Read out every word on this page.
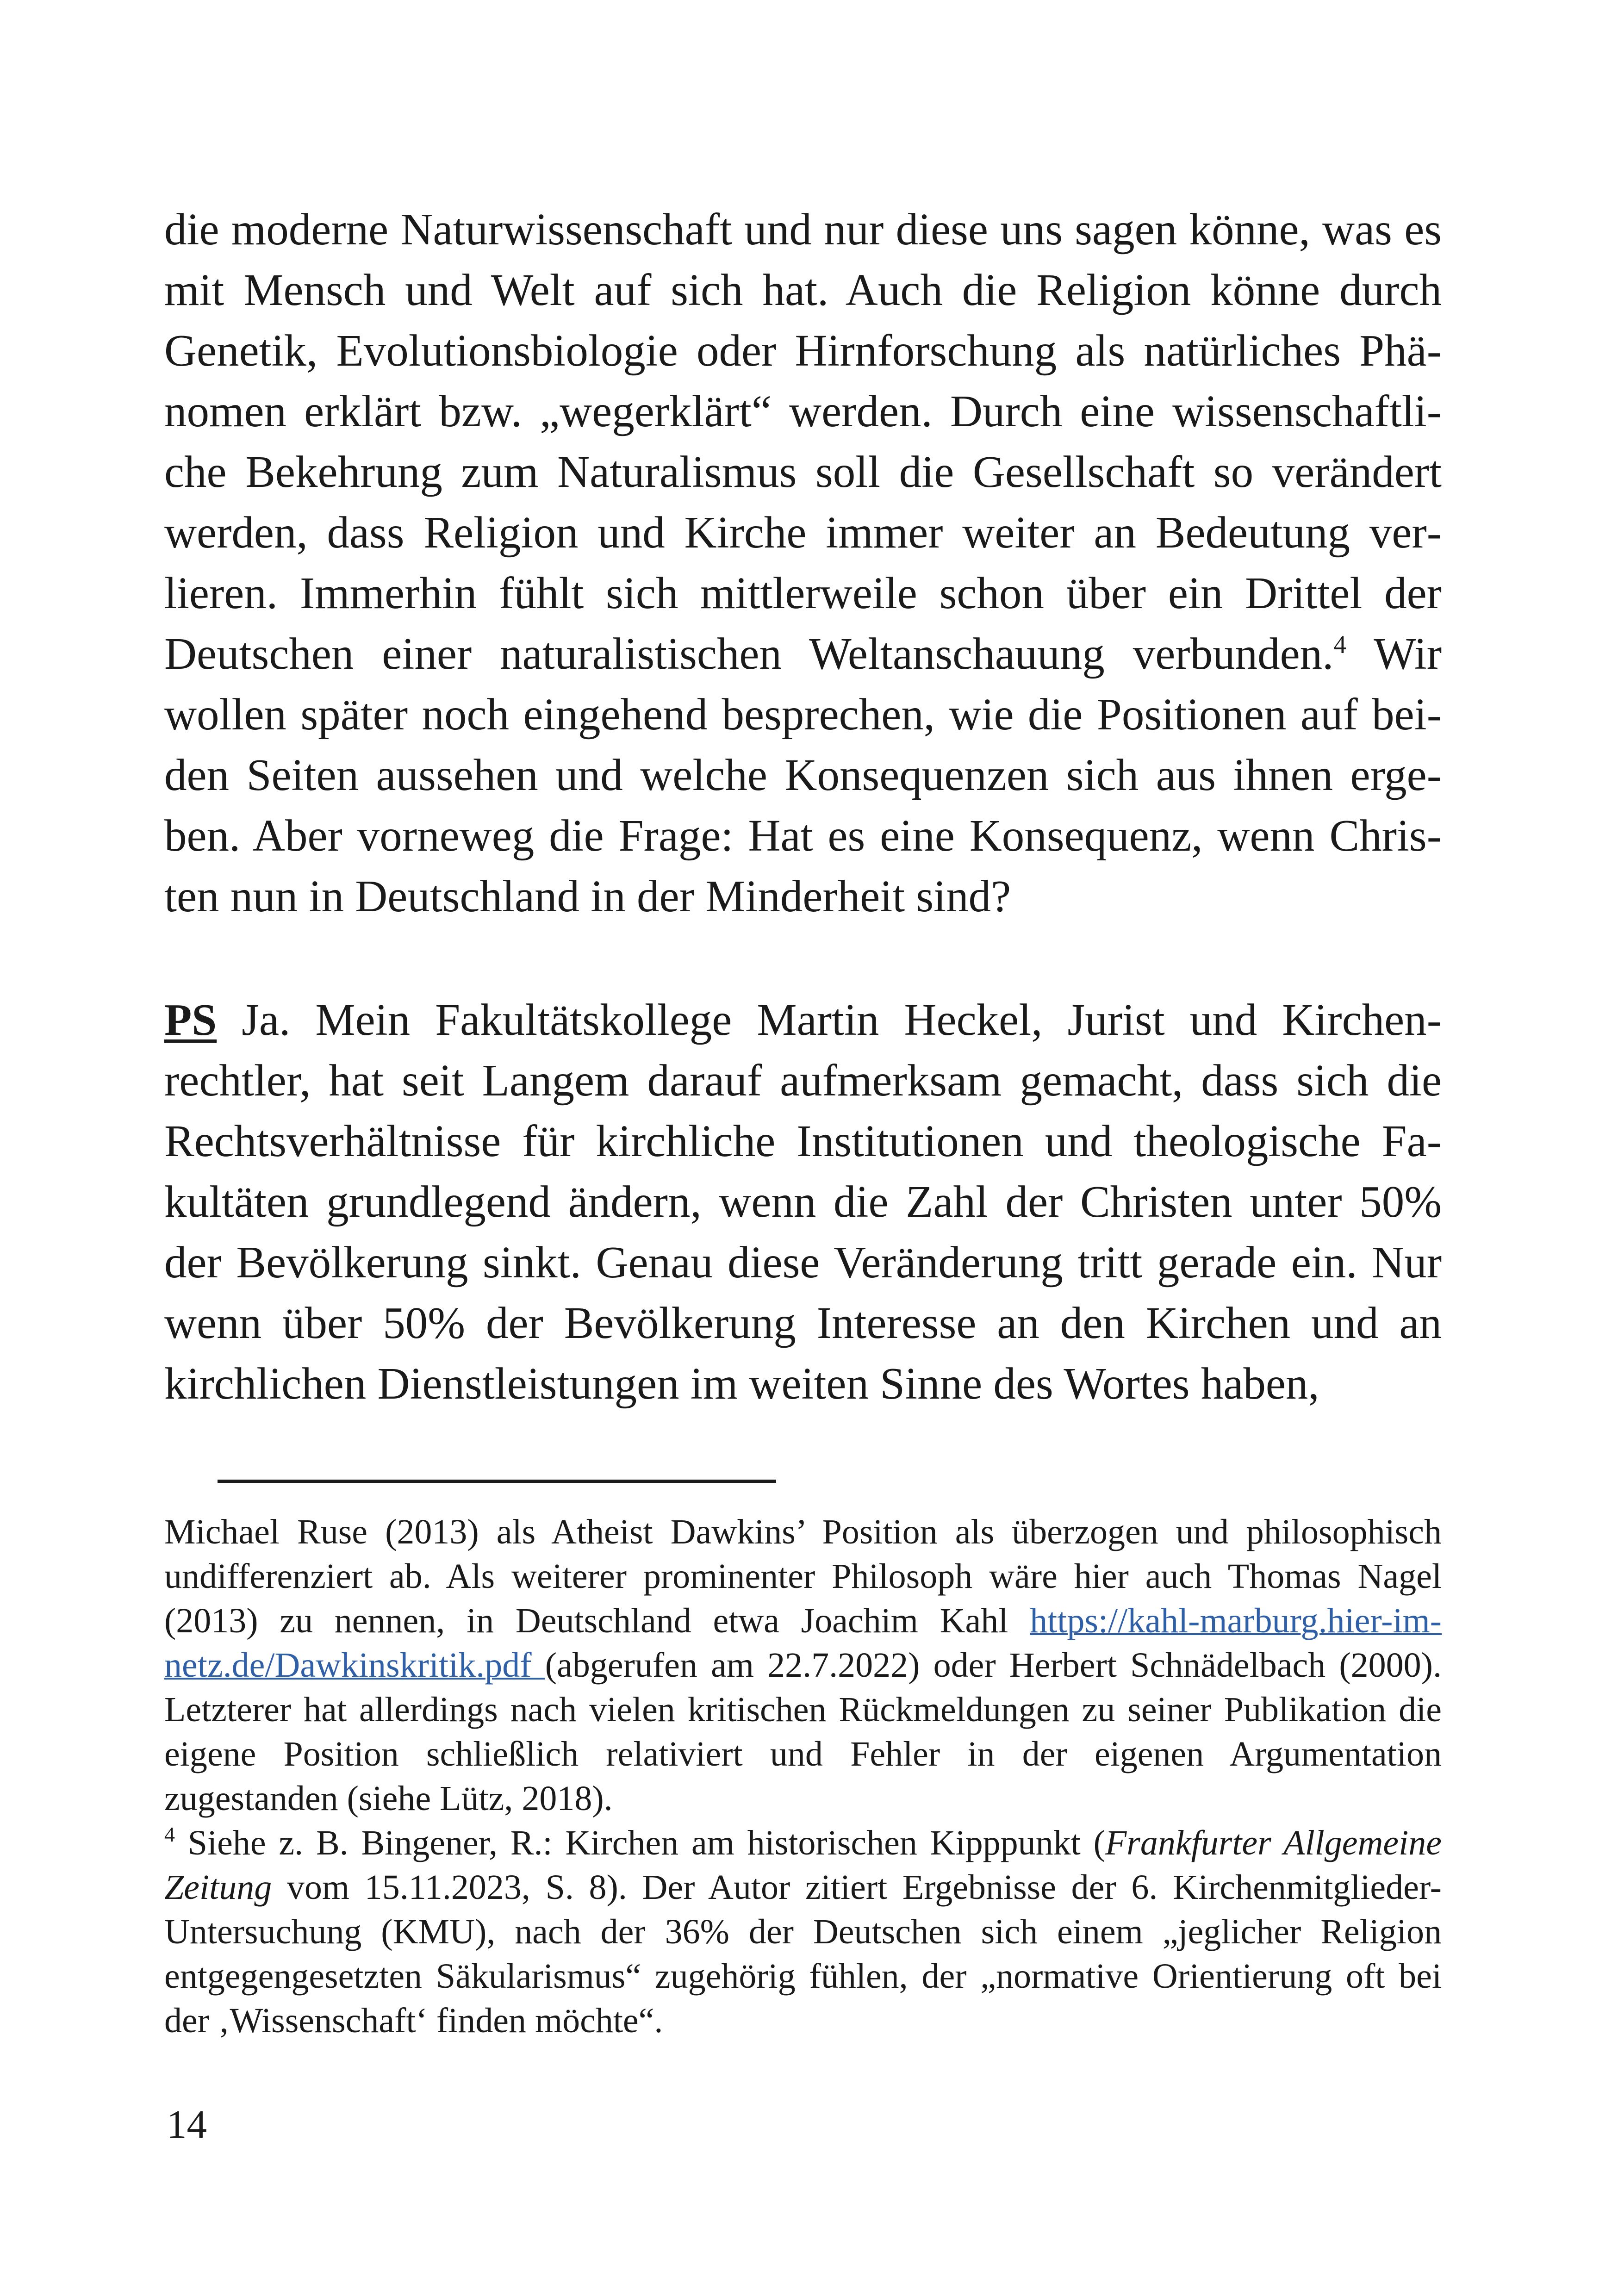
die moderne Naturwissenschaft und nur diese uns sagen könne, was es mit Mensch und Welt auf sich hat. Auch die Religion könne durch Genetik, Evolutionsbiologie oder Hirnforschung als natürliches Phänomen erklärt bzw. „wegerklärt“ werden. Durch eine wissenschaftliche Bekehrung zum Naturalismus soll die Gesellschaft so verändert werden, dass Religion und Kirche immer weiter an Bedeutung verlieren. Immerhin fühlt sich mittlerweile schon über ein Drittel der Deutschen einer naturalistischen Weltanschauung verbunden.$^4$ Wir wollen später noch eingehend besprechen, wie die Positionen auf beiden Seiten aussehen und welche Konsequenzen sich aus ihnen ergeben. Aber vorneweg die Frage: Hat es eine Konsequenz, wenn Christen nun in Deutschland in der Minderheit sind?

PS Ja. Mein Fakultätskollege Martin Heckel, Jurist und Kirchenrechtler, hat seit Langem darauf aufmerksam gemacht, dass sich die Rechtsverhältnisse für kirchliche Institutionen und theologische Fakultäten grundlegend ändern, wenn die Zahl der Christen unter 50% der Bevölkerung sinkt. Genau diese Veränderung tritt gerade ein. Nur wenn über 50% der Bevölkerung Interesse an den Kirchen und an kirchlichen Dienstleistungen im weiten Sinne des Wortes haben,

Michael Ruse (2013) als Atheist Dawkins’ Position als überzogen und philosophisch undifferenziert ab. Als weiterer prominenter Philosoph wäre hier auch Thomas Nagel (2013) zu nennen, in Deutschland etwa Joachim Kahl https://kahl-marburg.hier-im-netz.de/Dawkinskritik.pdf (abgerufen am 22.7.2022) oder Herbert Schnädelbach (2000). Letzterer hat allerdings nach vielen kritischen Rückmeldungen zu seiner Publikation die eigene Position schließlich relativiert und Fehler in der eigenen Argumentation zugestanden (siehe Lütz, 2018).

$^4$ Siehe z. B. Bingener, R.: Kirchen am historischen Kipppunkt (Frankfurter Allgemeine Zeitung vom 15.11.2023, S. 8). Der Autor zitiert Ergebnisse der 6. Kirchenmitglieder-Untersuchung (KMU), nach der 36% der Deutschen sich einem „jeglicher Religion entgegengesetzten Säkularismus“ zugehörig fühlen, der „normative Orientierung oft bei der ‚Wissenschaft‘ finden möchte“.

14
